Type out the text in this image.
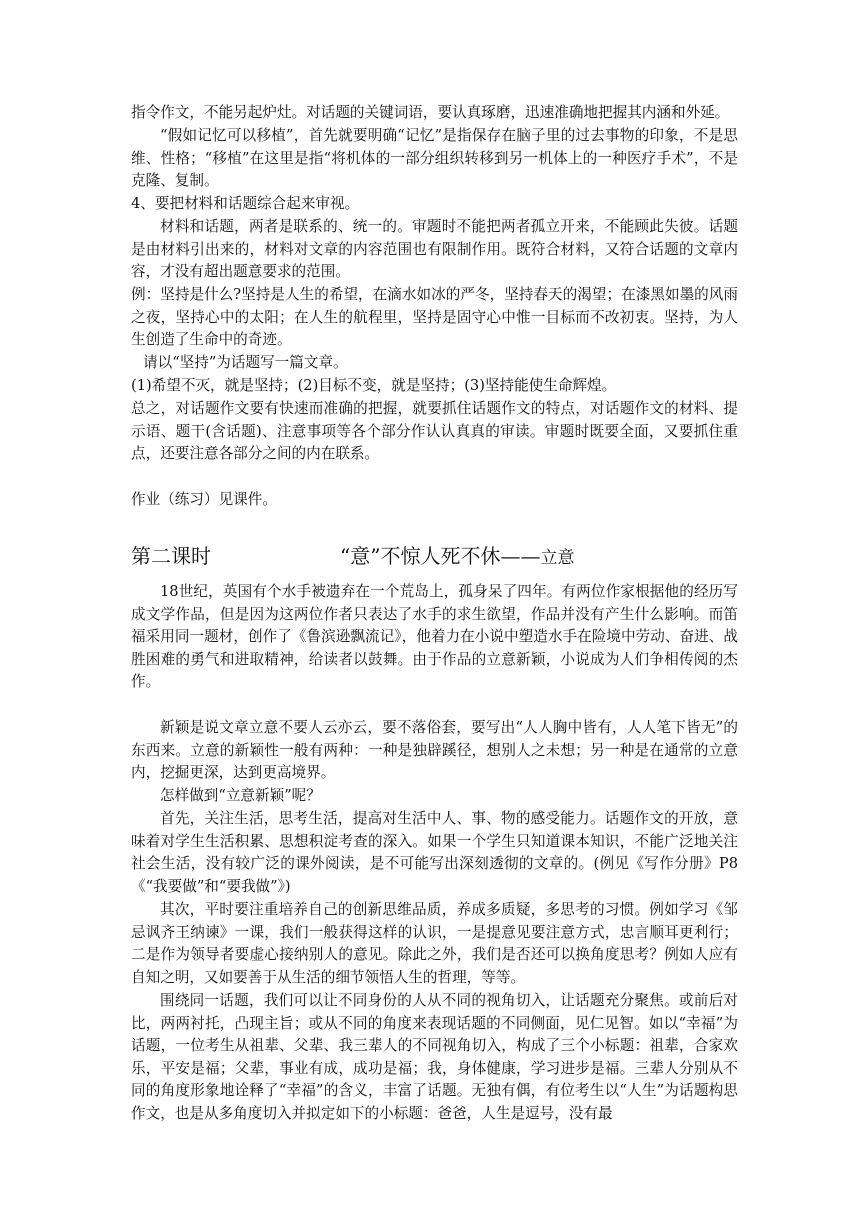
指令作文，不能另起炉灶。对话题的关键词语，要认真琢磨，迅速准确地把握其内涵和外延。

“假如记忆可以移植”，首先就要明确“记忆”是指保存在脑子里的过去事物的印象，不是思维、性格；“移植”在这里是指“将机体的一部分组织转移到另一机体上的一种医疗手术”，不是克隆、复制。

4、要把材料和话题综合起来审视。

材料和话题，两者是联系的、统一的。审题时不能把两者孤立开来，不能顾此失彼。话题是由材料引出来的，材料对文章的内容范围也有限制作用。既符合材料，又符合话题的文章内容，才没有超出题意要求的范围。

例：坚持是什么?坚持是人生的希望，在滴水如冰的严冬，坚持春天的渴望；在漆黑如墨的风雨之夜，坚持心中的太阳；在人生的航程里，坚持是固守心中惟一目标而不改初衷。坚持，为人生创造了生命中的奇迹。

请以“坚持”为话题写一篇文章。

(1)希望不灭，就是坚持；(2)目标不变，就是坚持；(3)坚持能使生命辉煌。

总之，对话题作文要有快速而准确的把握，就要抓住话题作文的特点，对话题作文的材料、提示语、题干(含话题)、注意事项等各个部分作认认真真的审读。审题时既要全面，又要抓住重点，还要注意各部分之间的内在联系。

作业（练习）见课件。

第二课时	“意”不惊人死不休——立意

18世纪，英国有个水手被遗弃在一个荒岛上，孤身呆了四年。有两位作家根据他的经历写成文学作品，但是因为这两位作者只表达了水手的求生欲望，作品并没有产生什么影响。而笛福采用同一题材，创作了《鲁滨逊飘流记》，他着力在小说中塑造水手在险境中劳动、奋进、战胜困难的勇气和进取精神，给读者以鼓舞。由于作品的立意新颖，小说成为人们争相传阅的杰作。

新颖是说文章立意不要人云亦云，要不落俗套，要写出“人人胸中皆有，人人笔下皆无”的东西来。立意的新颖性一般有两种：一种是独辟蹊径，想别人之未想；另一种是在通常的立意内，挖掘更深，达到更高境界。

怎样做到“立意新颖”呢？

首先，关注生活，思考生活，提高对生活中人、事、物的感受能力。话题作文的开放，意味着对学生生活积累、思想积淀考查的深入。如果一个学生只知道课本知识，不能广泛地关注社会生活，没有较广泛的课外阅读，是不可能写出深刻透彻的文章的。(例见《写作分册》P8《“我要做”和“要我做”》)

其次，平时要注重培养自己的创新思维品质，养成多质疑，多思考的习惯。例如学习《邹忌讽齐王纳谏》一课，我们一般获得这样的认识，一是提意见要注意方式，忠言顺耳更利行；二是作为领导者要虚心接纳别人的意见。除此之外，我们是否还可以换角度思考？例如人应有自知之明，又如要善于从生活的细节领悟人生的哲理，等等。

围绕同一话题，我们可以让不同身份的人从不同的视角切入，让话题充分聚焦。或前后对比，两两衬托，凸现主旨；或从不同的角度来表现话题的不同侧面，见仁见智。如以“幸福”为话题，一位考生从祖辈、父辈、我三辈人的不同视角切入，构成了三个小标题：祖辈，合家欢乐，平安是福；父辈，事业有成，成功是福；我，身体健康，学习进步是福。三辈人分别从不同的角度形象地诠释了“幸福”的含义，丰富了话题。无独有偶，有位考生以“人生”为话题构思作文，也是从多角度切入并拟定如下的小标题：爸爸，人生是逗号，没有最
